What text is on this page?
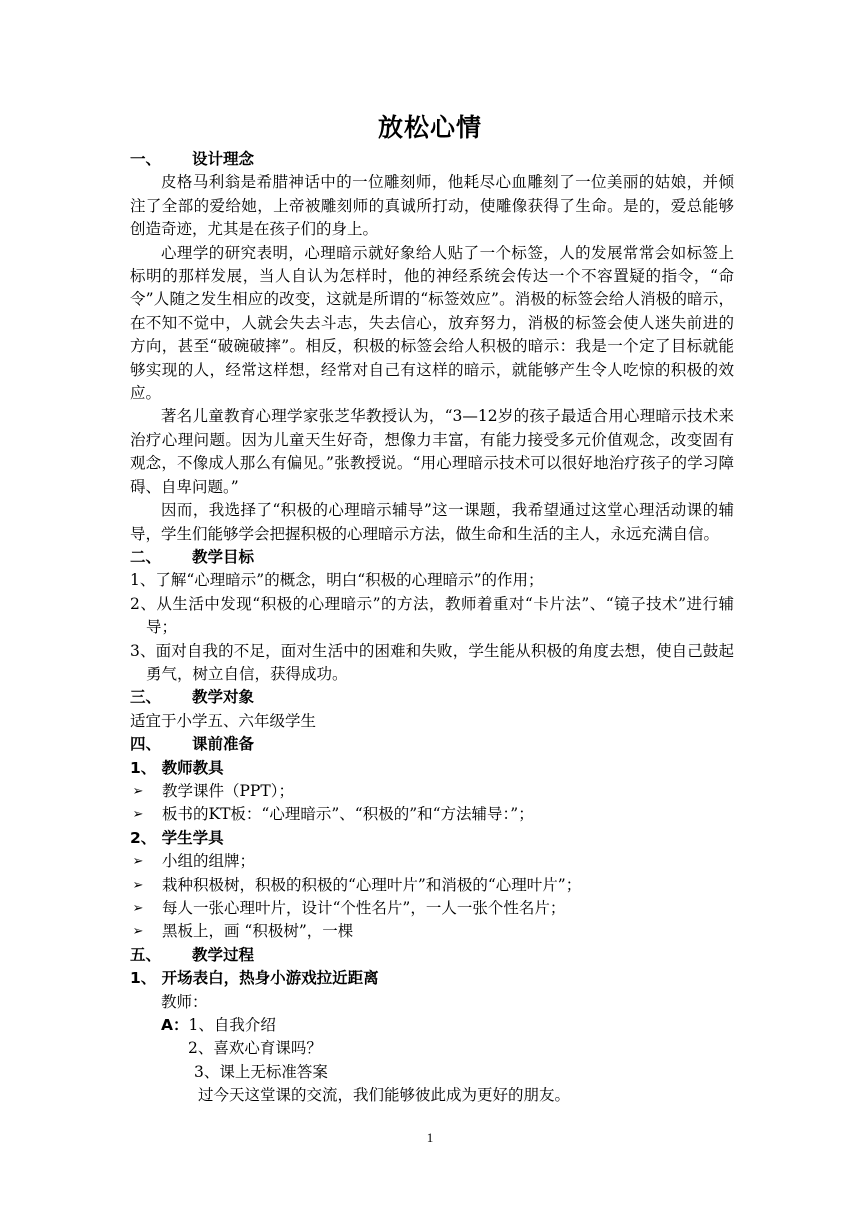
放松心情

一、 设计理念

皮格马利翁是希腊神话中的一位雕刻师，他耗尽心血雕刻了一位美丽的姑娘，并倾注了全部的爱给她，上帝被雕刻师的真诚所打动，使雕像获得了生命。是的，爱总能够创造奇迹，尤其是在孩子们的身上。

心理学的研究表明，心理暗示就好象给人贴了一个标签，人的发展常常会如标签上标明的那样发展，当人自认为怎样时，他的神经系统会传达一个不容置疑的指令，“命令”人随之发生相应的改变，这就是所谓的“标签效应”。消极的标签会给人消极的暗示，在不知不觉中，人就会失去斗志，失去信心，放弃努力，消极的标签会使人迷失前进的方向，甚至“破碗破摔”。相反，积极的标签会给人积极的暗示：我是一个定了目标就能够实现的人，经常这样想，经常对自己有这样的暗示，就能够产生令人吃惊的积极的效应。

著名儿童教育心理学家张芝华教授认为，“3—12岁的孩子最适合用心理暗示技术来治疗心理问题。因为儿童天生好奇，想像力丰富，有能力接受多元价值观念，改变固有观念，不像成人那么有偏见。”张教授说。“用心理暗示技术可以很好地治疗孩子的学习障碍、自卑问题。”

因而，我选择了“积极的心理暗示辅导”这一课题，我希望通过这堂心理活动课的辅导，学生们能够学会把握积极的心理暗示方法，做生命和生活的主人，永远充满自信。

二、 教学目标

1、了解“心理暗示”的概念，明白“积极的心理暗示”的作用；

2、从生活中发现“积极的心理暗示”的方法，教师着重对“卡片法”、“镜子技术”进行辅导；

3、面对自我的不足，面对生活中的困难和失败，学生能从积极的角度去想，使自己鼓起勇气，树立自信，获得成功。

三、 教学对象

适宜于小学五、六年级学生

四、 课前准备

1、 教师教具

➢ 教学课件（PPT）；

➢ 板书的KT板：“心理暗示”、“积极的”和“方法辅导：”；

2、 学生学具

➢ 小组的组牌；

➢ 栽种积极树，积极的积极的“心理叶片”和消极的“心理叶片”；

➢ 每人一张心理叶片，设计“个性名片”，一人一张个性名片；

➢ 黑板上，画 “积极树”，一棵

五、 教学过程

1、 开场表白，热身小游戏拉近距离

教师：

A：1、自我介绍

2、喜欢心育课吗？

3、课上无标准答案

过今天这堂课的交流，我们能够彼此成为更好的朋友。

1
